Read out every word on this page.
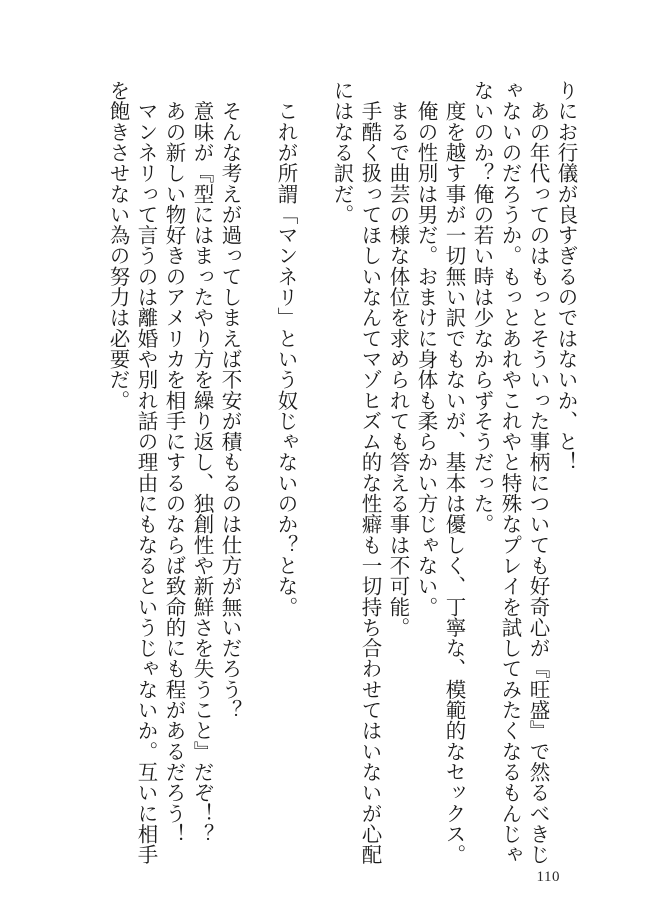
りにお行儀が良すぎるのではないか、と！

　あの年代ってのはもっとそういった事柄についても好奇心が『旺盛』で然るべきじ

ゃないのだろうか。もっとあれやこれやと特殊なプレイを試してみたくなるもんじゃ

ないのか？俺の若い時は少なからずそうだった。

　度を越す事が一切無い訳でもないが、基本は優しく、丁寧な、模範的なセックス。

　俺の性別は男だ。おまけに身体も柔らかい方じゃない。

　まるで曲芸の様な体位を求められても答える事は不可能。

　手酷く扱ってほしいなんてマゾヒズム的な性癖も一切持ち合わせてはいないが心配

にはなる訳だ。

　これが所謂「マンネリ」という奴じゃないのか？とな。

　そんな考えが過ってしまえば不安が積もるのは仕方が無いだろう？

　意味が『型にはまったやり方を繰り返し、独創性や新鮮さを失うこと』だぞ！？

　あの新しい物好きのアメリカを相手にするのならば致命的にも程があるだろう！

　マンネリって言うのは離婚や別れ話の理由にもなるというじゃないか。互いに相手

を飽きさせない為の努力は必要だ。

110
